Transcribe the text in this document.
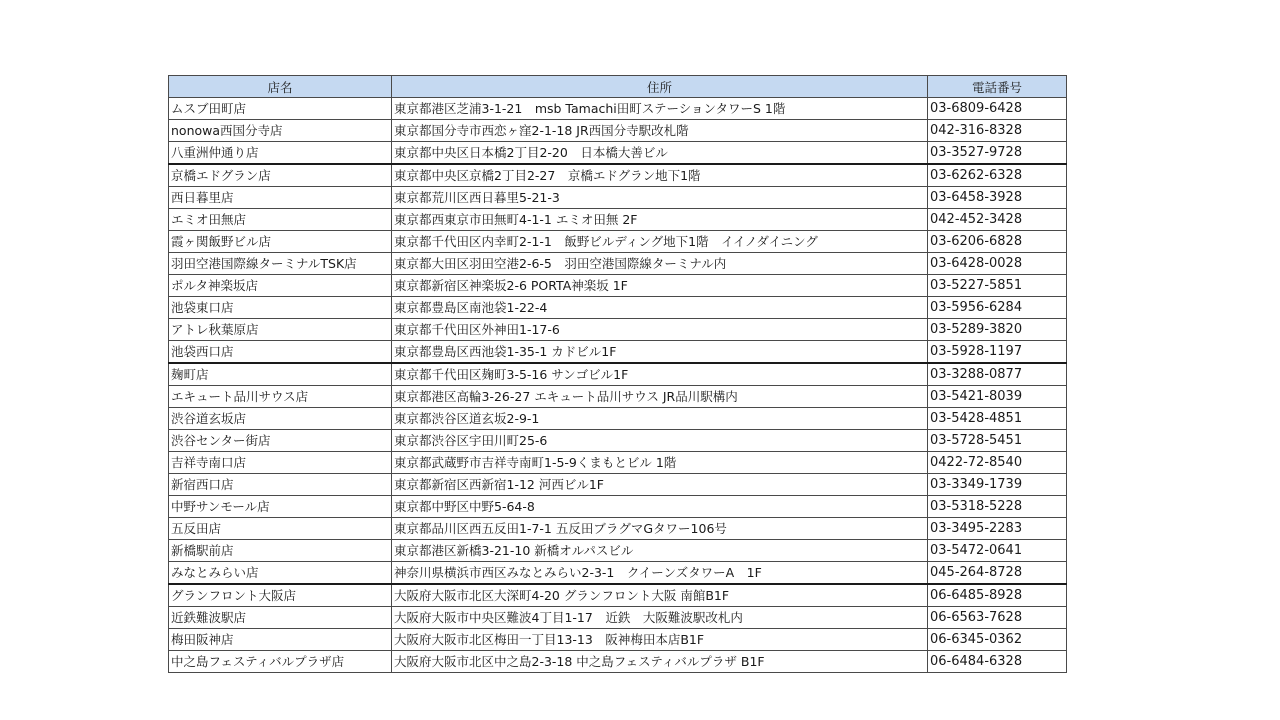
店名	住所	電話番号
ムスブ田町店	東京都港区芝浦3-1-21　msb Tamachi田町ステーションタワーS 1階	03-6809-6428
nonowa西国分寺店	東京都国分寺市西恋ヶ窪2-1-18 JR西国分寺駅改札階	042-316-8328
八重洲仲通り店	東京都中央区日本橋2丁目2-20　日本橋大善ビル	03-3527-9728
京橋エドグラン店	東京都中央区京橋2丁目2-27　京橋エドグラン地下1階	03-6262-6328
西日暮里店	東京都荒川区西日暮里5-21-3	03-6458-3928
エミオ田無店	東京都西東京市田無町4-1-1 エミオ田無 2F	042-452-3428
霞ヶ関飯野ビル店	東京都千代田区内幸町2-1-1　飯野ビルディング地下1階　イイノダイニング	03-6206-6828
羽田空港国際線ターミナルTSK店	東京都大田区羽田空港2-6-5　羽田空港国際線ターミナル内	03-6428-0028
ポルタ神楽坂店	東京都新宿区神楽坂2-6 PORTA神楽坂 1F	03-5227-5851
池袋東口店	東京都豊島区南池袋1-22-4	03-5956-6284
アトレ秋葉原店	東京都千代田区外神田1-17-6	03-5289-3820
池袋西口店	東京都豊島区西池袋1-35-1 カドビル1F	03-5928-1197
麹町店	東京都千代田区麹町3-5-16 サンゴビル1F	03-3288-0877
エキュート品川サウス店	東京都港区高輪3-26-27 エキュート品川サウス JR品川駅構内	03-5421-8039
渋谷道玄坂店	東京都渋谷区道玄坂2-9-1	03-5428-4851
渋谷センター街店	東京都渋谷区宇田川町25-6	03-5728-5451
吉祥寺南口店	東京都武蔵野市吉祥寺南町1-5-9くまもとビル 1階	0422-72-8540
新宿西口店	東京都新宿区西新宿1-12 河西ビル1F	03-3349-1739
中野サンモール店	東京都中野区中野5-64-8	03-5318-5228
五反田店	東京都品川区西五反田1-7-1 五反田ブラグマGタワー106号	03-3495-2283
新橋駅前店	東京都港区新橋3-21-10 新橋オルパスビル	03-5472-0641
みなとみらい店	神奈川県横浜市西区みなとみらい2-3-1　クイーンズタワーA　1F	045-264-8728
グランフロント大阪店	大阪府大阪市北区大深町4-20 グランフロント大阪 南館B1F	06-6485-8928
近鉄難波駅店	大阪府大阪市中央区難波4丁目1-17　近鉄　大阪難波駅改札内	06-6563-7628
梅田阪神店	大阪府大阪市北区梅田一丁目13-13　阪神梅田本店B1F	06-6345-0362
中之島フェスティバルプラザ店	大阪府大阪市北区中之島2-3-18 中之島フェスティバルプラザ B1F	06-6484-6328
